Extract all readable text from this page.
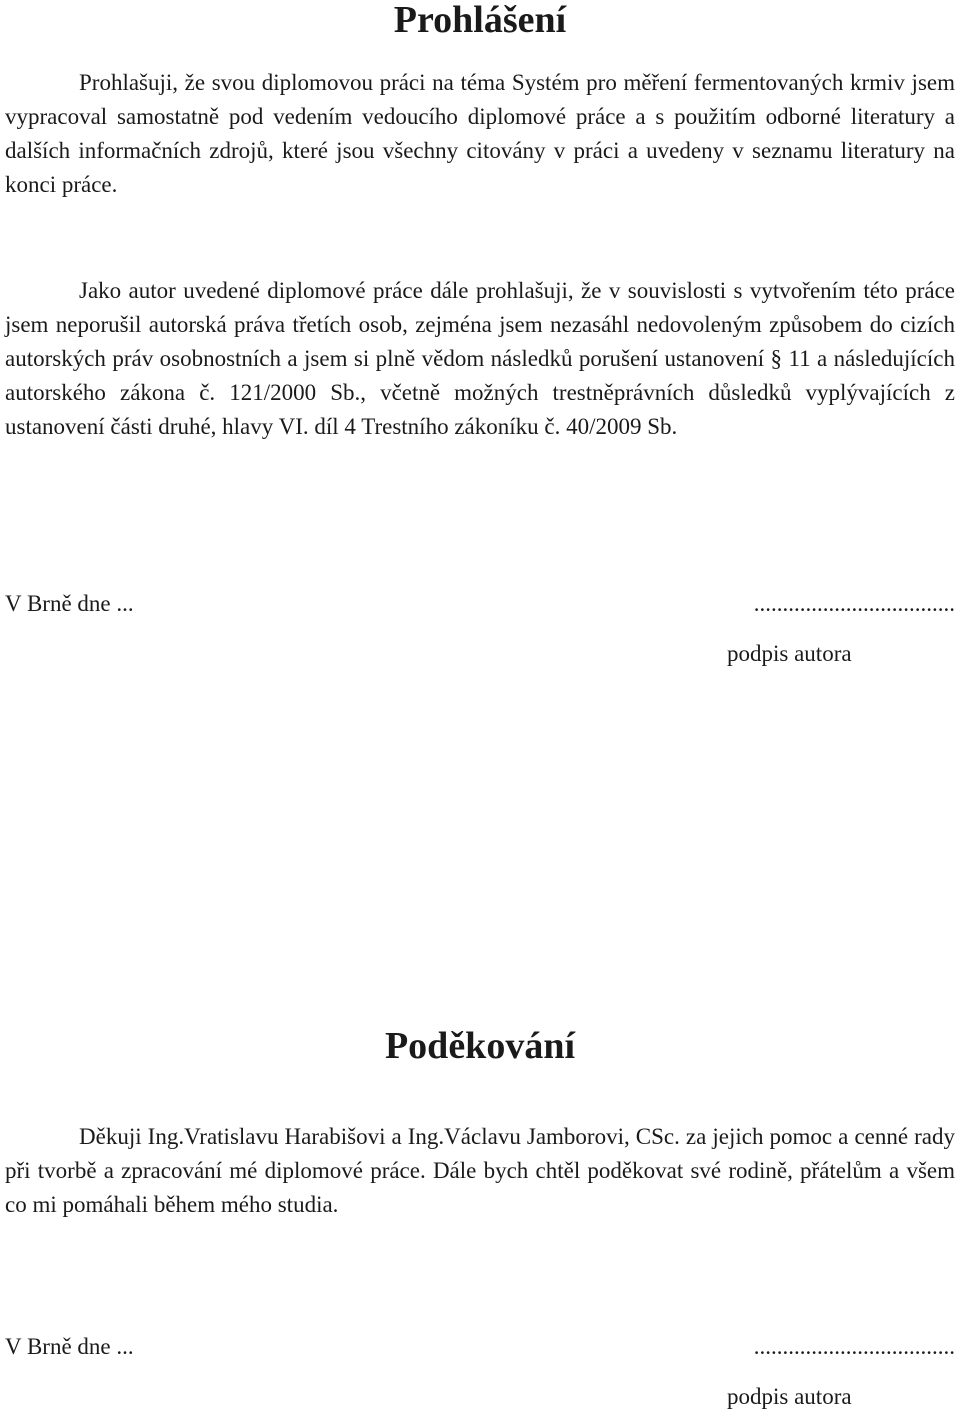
Prohlášení

Prohlašuji, že svou diplomovou práci na téma Systém pro měření fermentovaných krmiv jsem vypracoval samostatně pod vedením vedoucího diplomové práce a s použitím odborné literatury a dalších informačních zdrojů, které jsou všechny citovány v práci a uvedeny v seznamu literatury na konci práce.

Jako autor uvedené diplomové práce dále prohlašuji, že v souvislosti s vytvořením této práce jsem neporušil autorská práva třetích osob, zejména jsem nezasáhl nedovoleným způsobem do cizích autorských práv osobnostních a jsem si plně vědom následků porušení ustanovení § 11 a následujících autorského zákona č. 121/2000 Sb., včetně možných trestněprávních důsledků vyplývajících z ustanovení části druhé, hlavy VI. díl 4 Trestního zákoníku č. 40/2009 Sb.

V Brně dne ...	...................................
podpis autora
Poděkování

Děkuji Ing.Vratislavu Harabišovi a Ing.Václavu Jamborovi, CSc. za jejich pomoc a cenné rady při tvorbě a zpracování mé diplomové práce. Dále bych chtěl poděkovat své rodině, přátelům a všem co mi pomáhali během mého studia.

V Brně dne ...	...................................
podpis autora
